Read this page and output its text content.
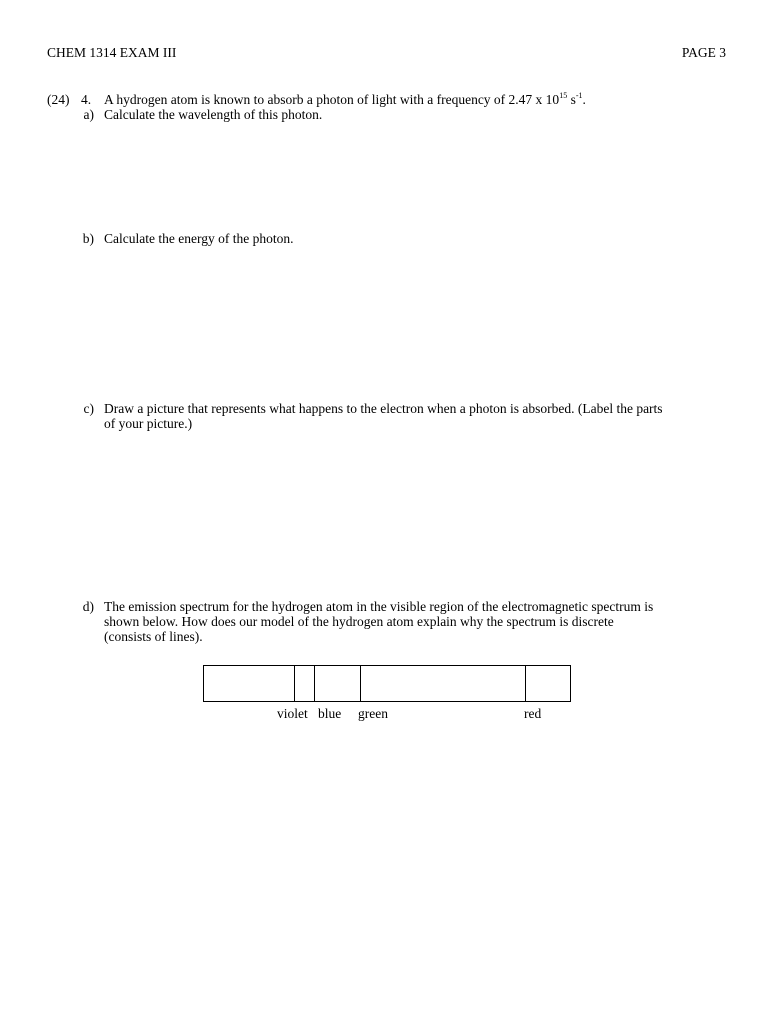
CHEM 1314 EXAM III	PAGE 3
(24) 4. A hydrogen atom is known to absorb a photon of light with a frequency of 2.47 x $10^{15}$ $s^{-1}$.
a) Calculate the wavelength of this photon.
b) Calculate the energy of the photon.
c) Draw a picture that represents what happens to the electron when a photon is absorbed. (Label the parts
of your picture.)
d) The emission spectrum for the hydrogen atom in the visible region of the electromagnetic spectrum is
shown below. How does our model of the hydrogen atom explain why the spectrum is discrete
(consists of lines).
violet blue green	red
